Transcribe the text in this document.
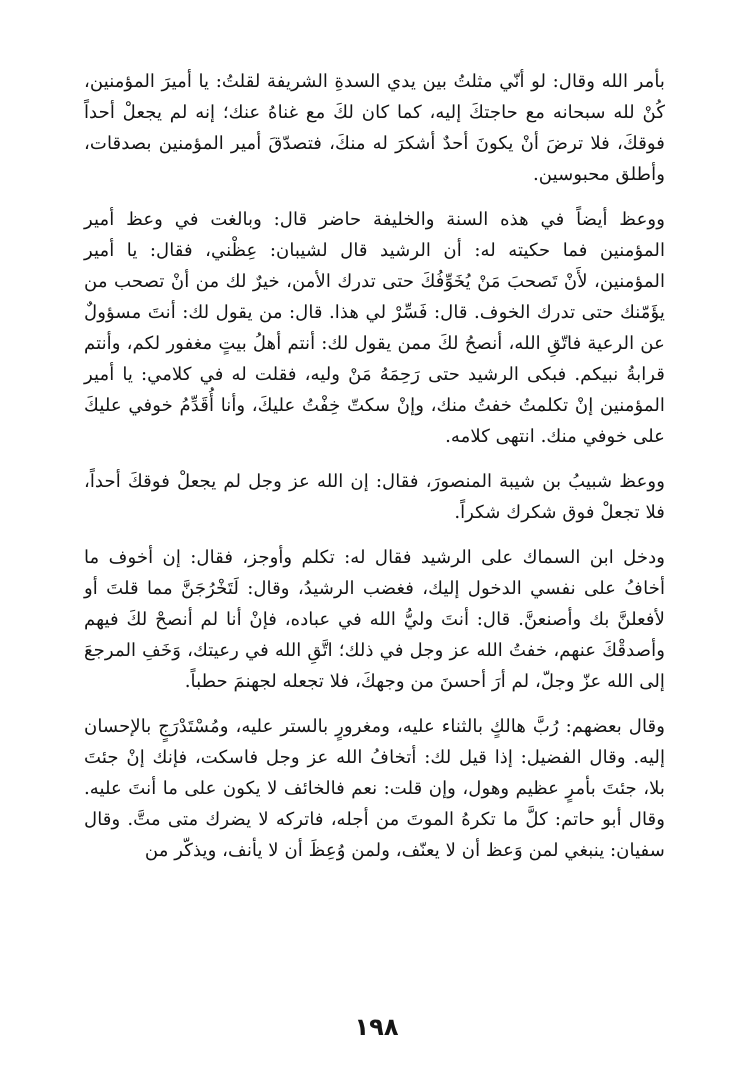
بأمر الله وقال: لو أنّي مثلتُ بين يدي السدةِ الشريفة لقلتُ: يا أميرَ المؤمنين، كُنْ لله سبحانه مع حاجتكَ إليه، كما كان لكَ مع غناهُ عنك؛ إنه لم يجعلْ أحداً فوقكَ، فلا ترضَ أنْ يكونَ أحدٌ أشكرَ له منكَ، فتصدّقَ أمير المؤمنين بصدقات، وأطلق محبوسين.

ووعظ أيضاً في هذه السنة والخليفة حاضر قال: وبالغت في وعظ أمير المؤمنين فما حكيته له: أن الرشيد قال لشيبان: عِظْني، فقال: يا أمير المؤمنين، لأَنْ تَصحبَ مَنْ يُخَوِّفُكَ حتى تدرك الأمن، خيرٌ لك من أنْ تصحب من يؤَمّنك حتى تدرك الخوف. قال: فَسِّرْ لي هذا. قال: من يقول لك: أنتَ مسؤولٌ عن الرعية فاتّقِ الله، أنصحُ لكَ ممن يقول لك: أنتم أهلُ بيتٍ مغفور لكم، وأنتم قرابةُ نبيكم. فبكى الرشيد حتى رَحِمَهُ مَنْ وليه، فقلت له في كلامي: يا أمير المؤمنين إنْ تكلمتُ خفتُ منك، وإنْ سكتّ خِفْتُ عليكَ، وأنا أُقَدِّمُ خوفي عليكَ على خوفي منك. انتهى كلامه.

ووعظ شبيبُ بن شيبة المنصورَ، فقال: إن الله عز وجل لم يجعلْ فوقكَ أحداً، فلا تجعلْ فوق شكرك شكراً.

ودخل ابن السماك على الرشيد فقال له: تكلم وأوجز، فقال: إن أخوف ما أخافُ على نفسي الدخول إليك، فغضب الرشيدُ، وقال: لَتَخْرُجَنَّ مما قلتَ أو لأفعلنَّ بك وأصنعنَّ. قال: أنتَ وليُّ الله في عباده، فإنْ أنا لم أنصحْ لكَ فيهم وأصدقْكَ عنهم، خفتُ الله عز وجل في ذلك؛ اتَّقِ الله في رعيتك، وَخَفِ المرجعَ إلى الله عزّ وجلّ، لم أرَ أحسنَ من وجهكَ، فلا تجعله لجهنمَ حطباً.

وقال بعضهم: رُبَّ هالكٍ بالثناء عليه، ومغرورٍ بالستر عليه، ومُسْتَدْرَجٍ بالإحسان إليه. وقال الفضيل: إذا قيل لك: أتخافُ الله عز وجل فاسكت، فإنك إنْ جئتَ بلا، جئتَ بأمرٍ عظيم وهول، وإن قلت: نعم فالخائف لا يكون على ما أنتَ عليه. وقال أبو حاتم: كلَّ ما تكرهُ الموتَ من أجله، فاتركه لا يضرك متى متَّ. وقال سفيان: ينبغي لمن وَعظ أن لا يعنّف، ولمن وُعِظَ أن لا يأنف، ويذكّر من

١٩٨
